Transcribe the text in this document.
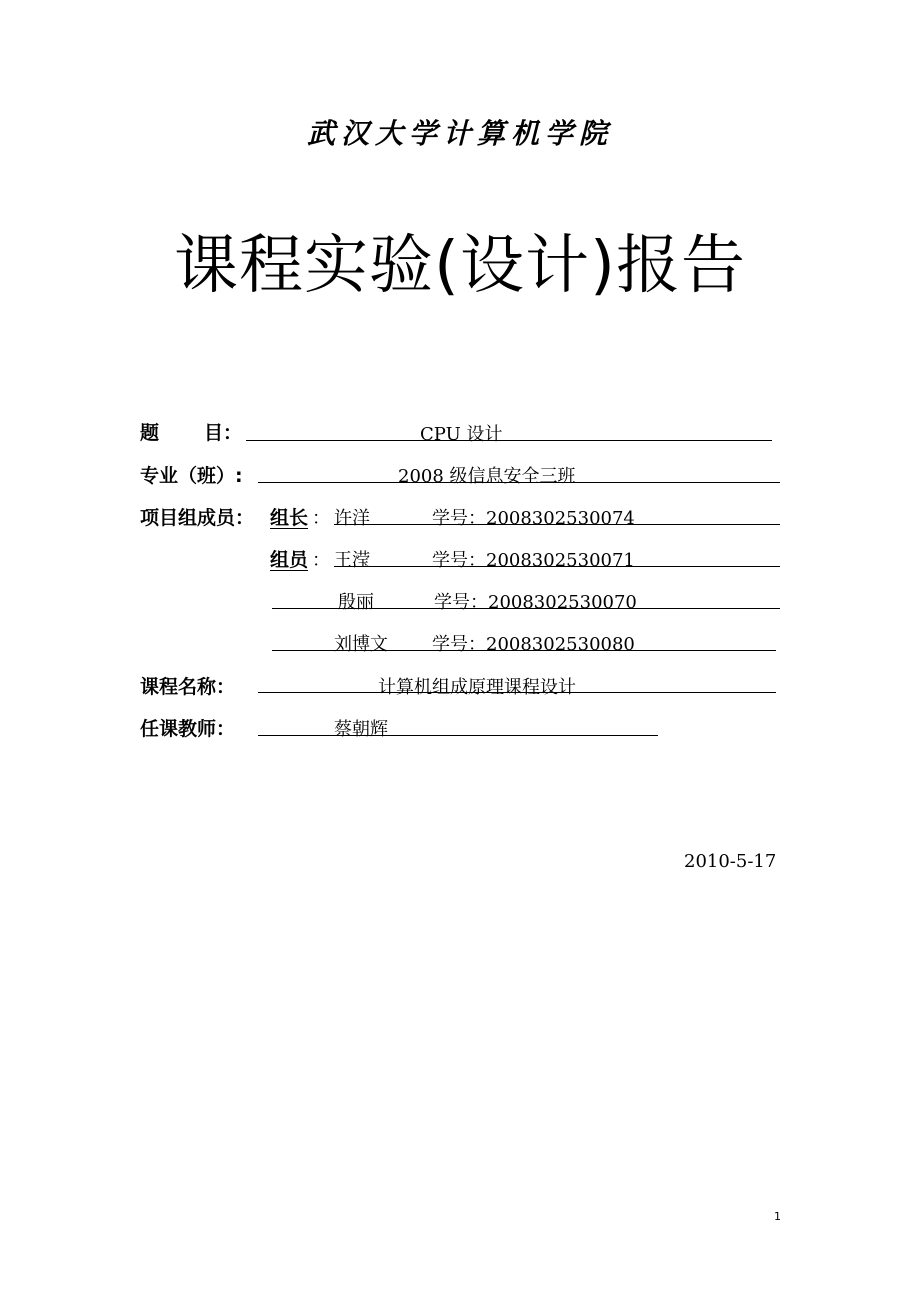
武汉大学计算机学院
课程实验(设计)报告
题 目：	CPU 设计
专业（班）:	2008 级信息安全三班
项目组成员： 组长 ： 许洋	学号：2008302530074
组员 ： 王滢	学号：2008302530071
殷丽	学号：2008302530070
刘博文 学号：2008302530080
课程名称：	计算机组成原理课程设计
任课教师：	蔡朝辉
2010-5-17
1
